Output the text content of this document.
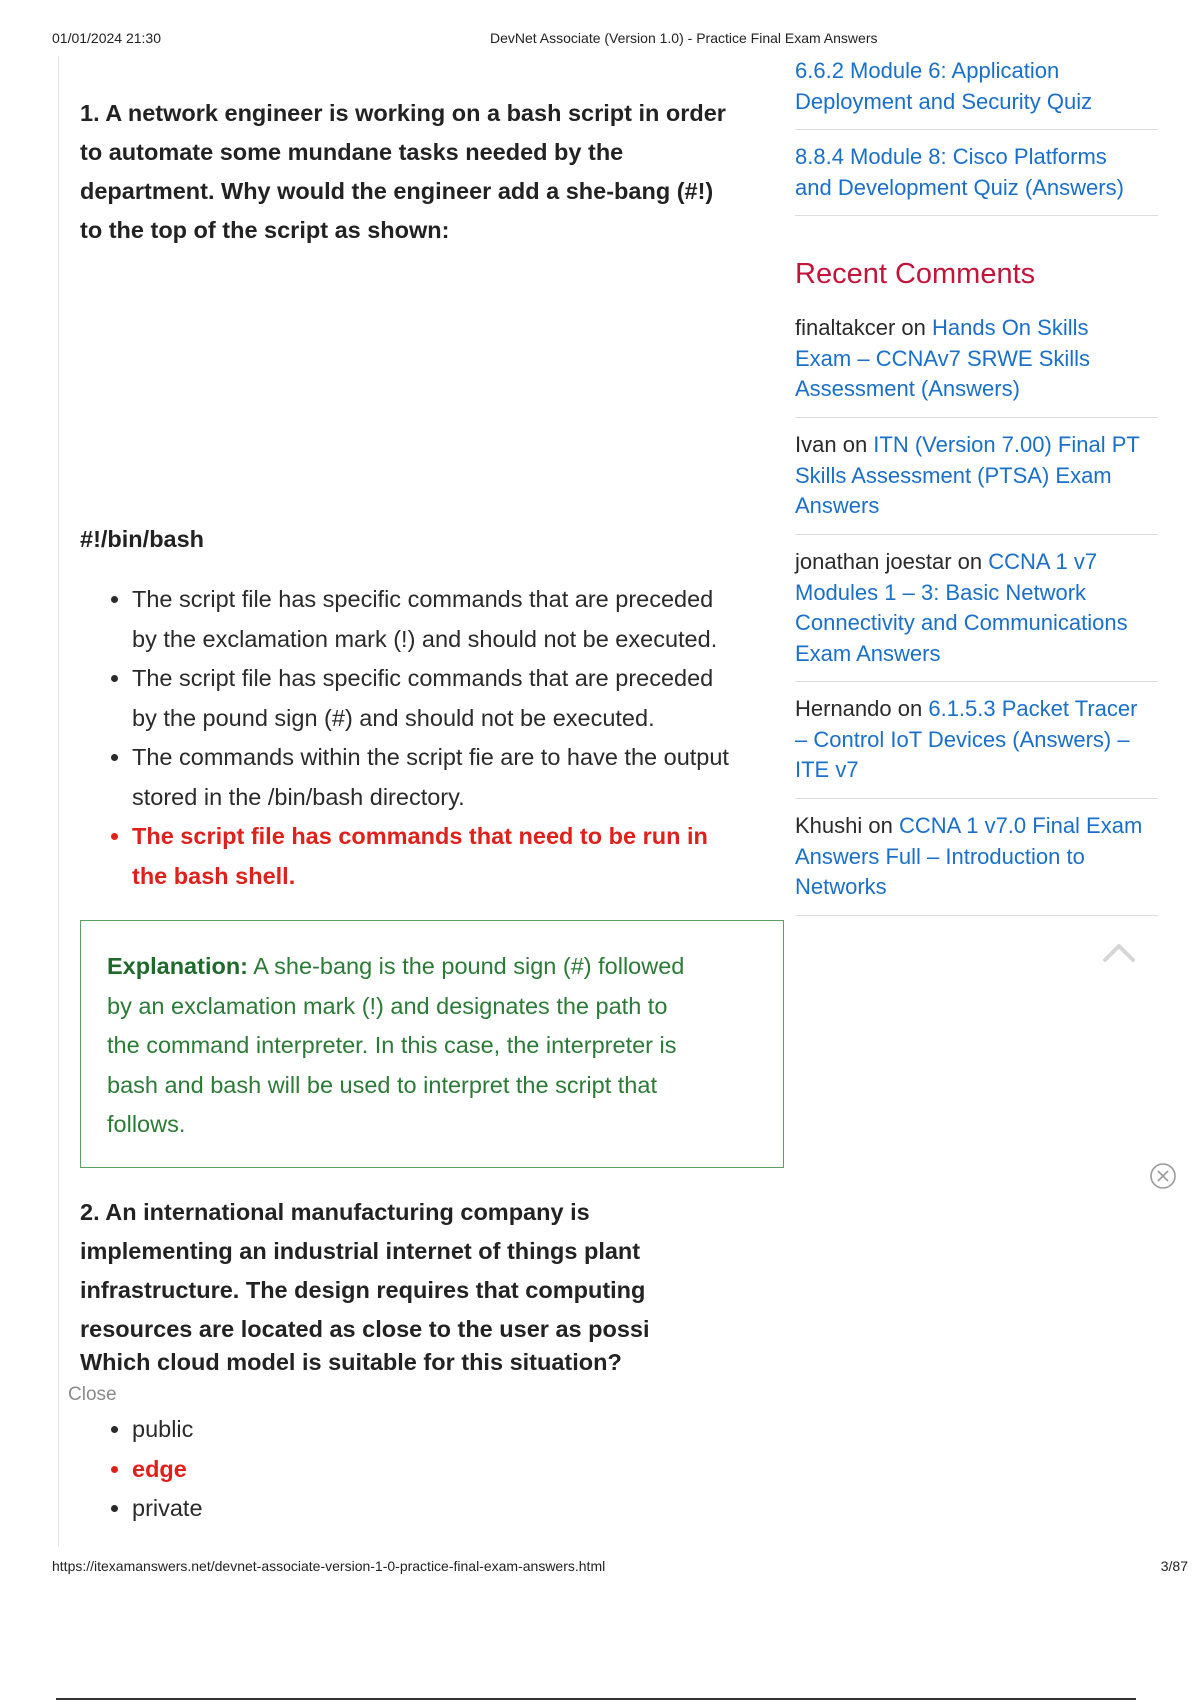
01/01/2024 21:30	DevNet Associate (Version 1.0) - Practice Final Exam Answers

1. A network engineer is working on a bash script in order
to automate some mundane tasks needed by the
department. Why would the engineer add a she-bang (#!)
to the top of the script as shown:

#!/bin/bash
• The script file has specific commands that are preceded
by the exclamation mark (!) and should not be executed.
• The script file has specific commands that are preceded
by the pound sign (#) and should not be executed.
• The commands within the script fie are to have the output
stored in the /bin/bash directory.
• The script file has commands that need to be run in
the bash shell.
Explanation: A she-bang is the pound sign (#) followed
by an exclamation mark (!) and designates the path to
the command interpreter. In this case, the interpreter is
bash and bash will be used to interpret the script that
follows.

2. An international manufacturing company is
implementing an industrial internet of things plant
infrastructure. The design requires that computing
resources are located as close to the user as possi

Which cloud model is suitable for this situation?
• public
• edge
• private
Close
6.6.2 Module 6: Application
Deployment and Security Quiz
8.8.4 Module 8: Cisco Platforms
and Development Quiz (Answers)
Recent Comments
finaltakcer on Hands On Skills
Exam – CCNAv7 SRWE Skills
Assessment (Answers)
Ivan on ITN (Version 7.00) Final PT
Skills Assessment (PTSA) Exam
Answers
jonathan joestar on CCNA 1 v7
Modules 1 – 3: Basic Network
Connectivity and Communications
Exam Answers
Hernando on 6.1.5.3 Packet Tracer
– Control IoT Devices (Answers) –
ITE v7
Khushi on CCNA 1 v7.0 Final Exam
Answers Full – Introduction to
Networks
https://itexamanswers.net/devnet-associate-version-1-0-practice-final-exam-answers.html	3/87
